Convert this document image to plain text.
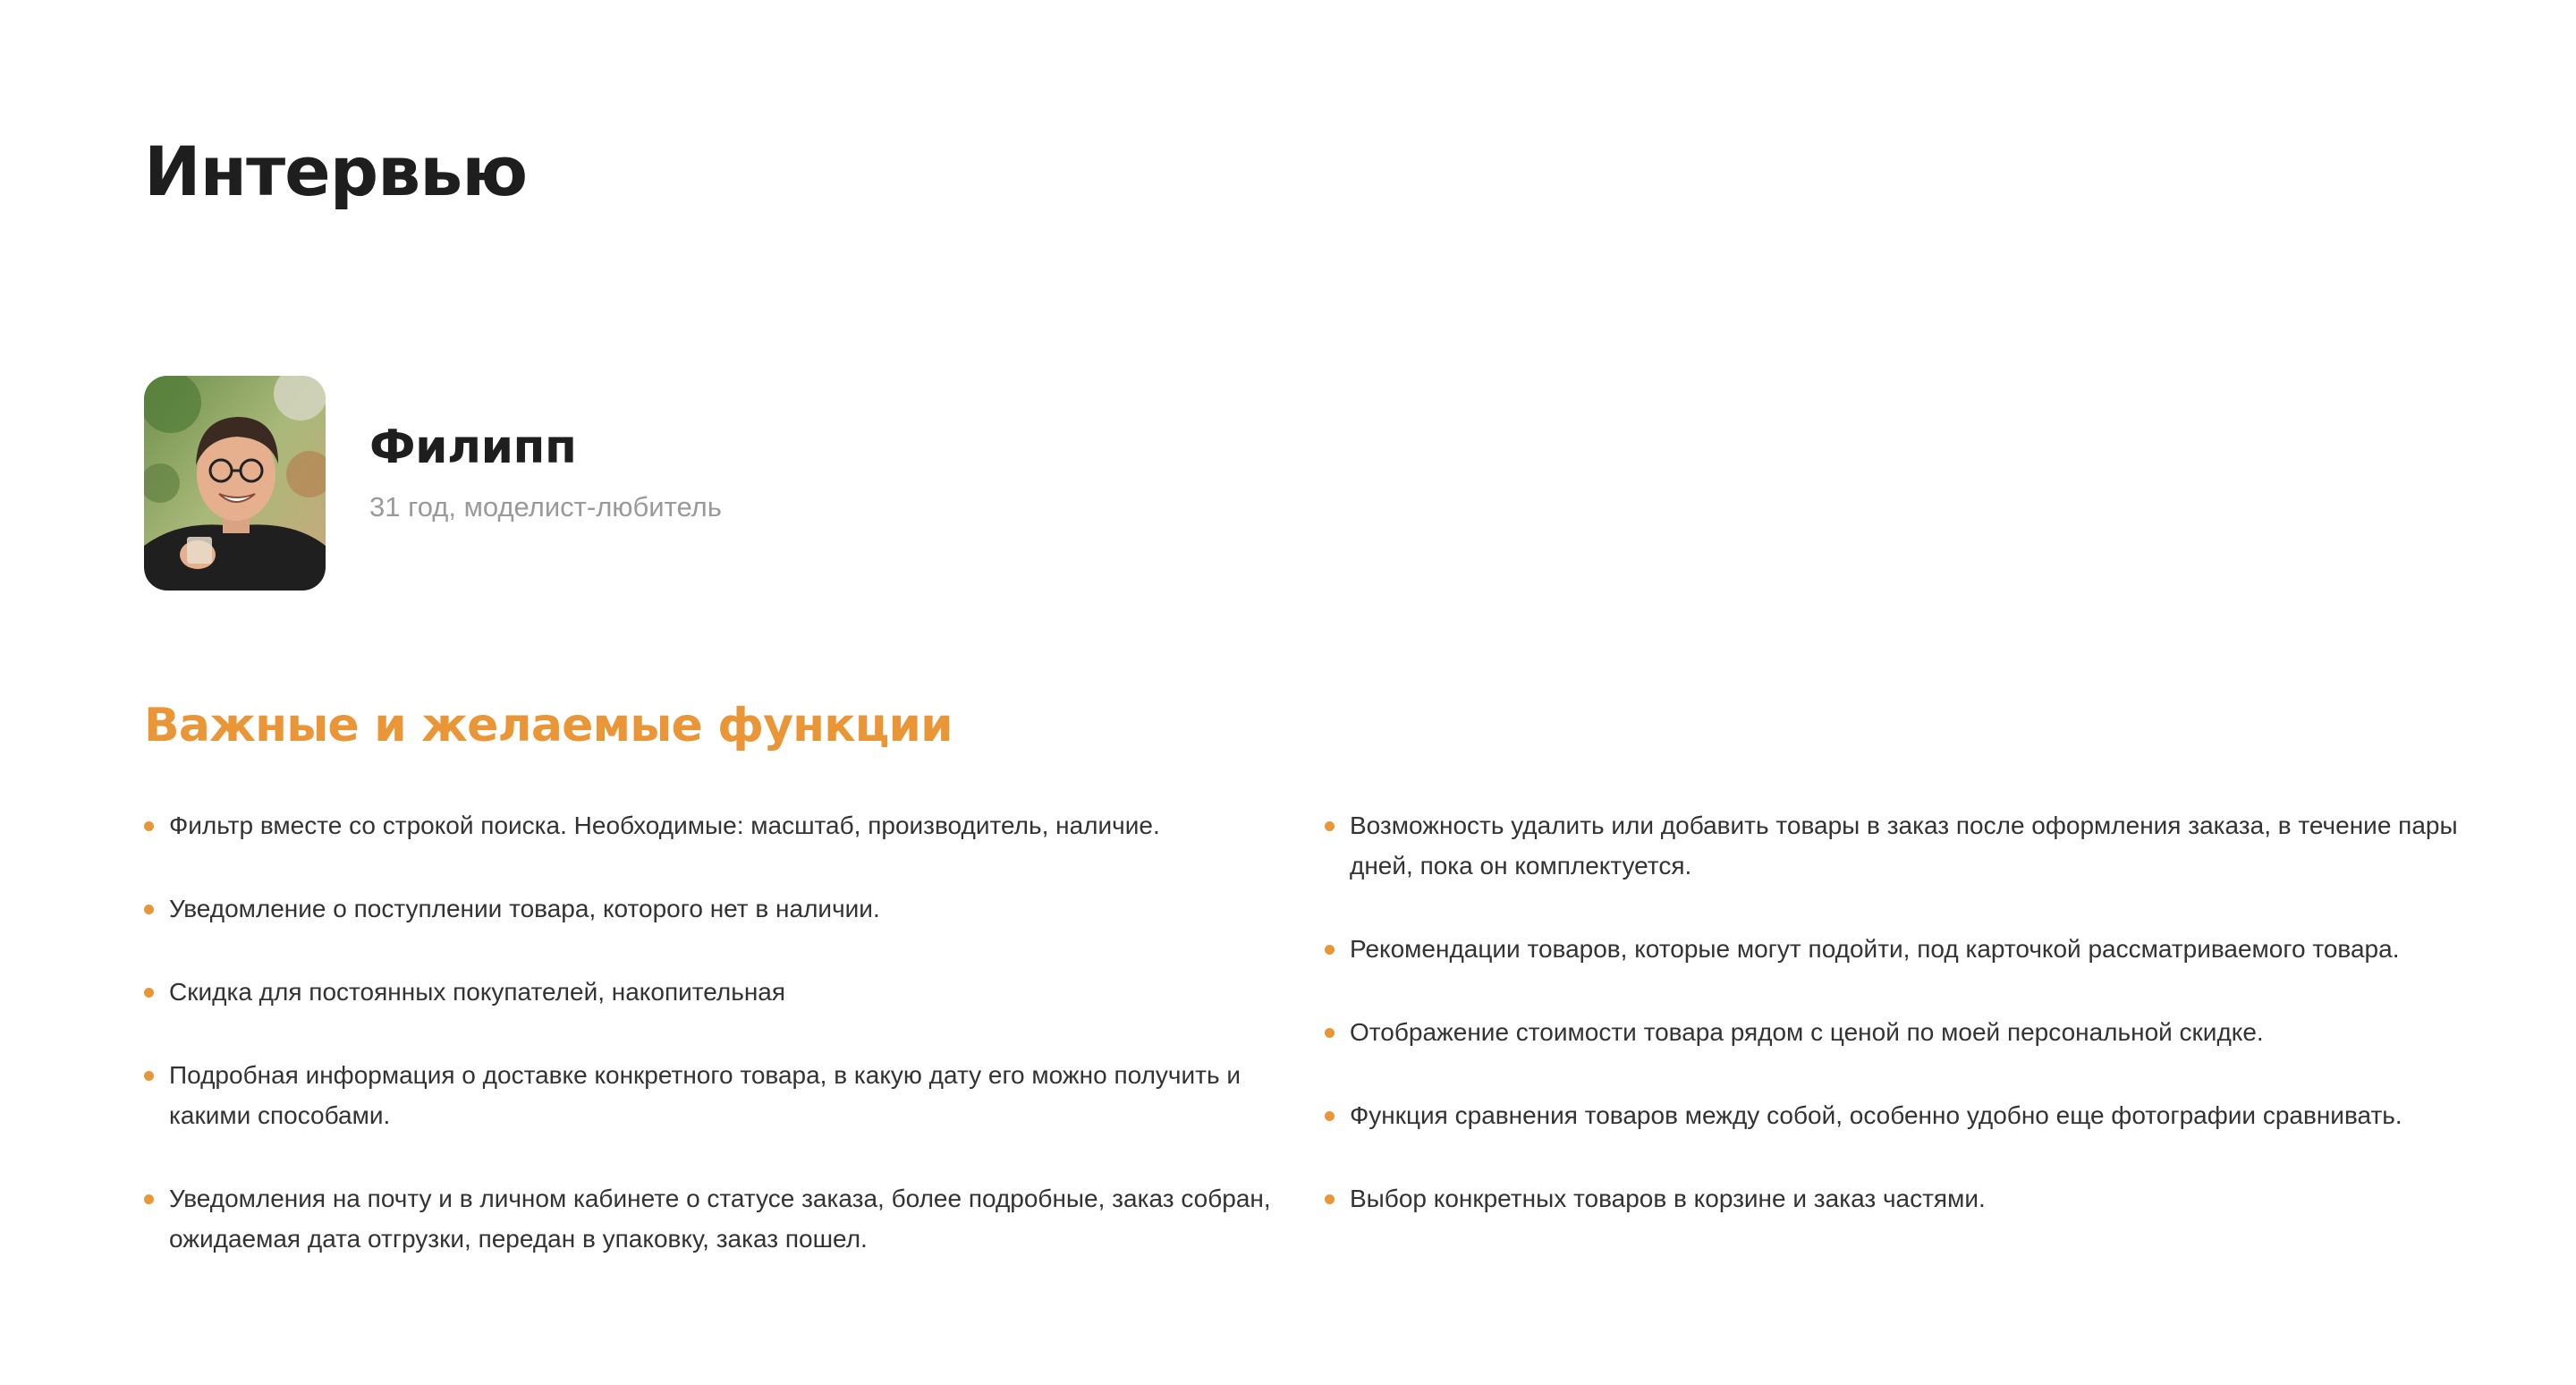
Интервью
Филипп
31 год, моделист-любитель
Важные и желаемые функции
Фильтр вместе со строкой поиска. Необходимые: масштаб, производитель, наличие.
Уведомление о поступлении товара, которого нет в наличии.
Скидка для постоянных покупателей, накопительная
Подробная информация о доставке конкретного товара, в какую дату его можно получить и какими способами.
Уведомления на почту и в личном кабинете о статусе заказа, более подробные, заказ собран, ожидаемая дата отгрузки, передан в упаковку, заказ пошел.
Возможность удалить или добавить товары в заказ после оформления заказа, в течение пары дней, пока он комплектуется.
Рекомендации товаров, которые могут подойти, под карточкой рассматриваемого товара.
Отображение стоимости товара рядом с ценой по моей персональной скидке.
Функция сравнения товаров между собой, особенно удобно еще фотографии сравнивать.
Выбор конкретных товаров в корзине и заказ частями.
